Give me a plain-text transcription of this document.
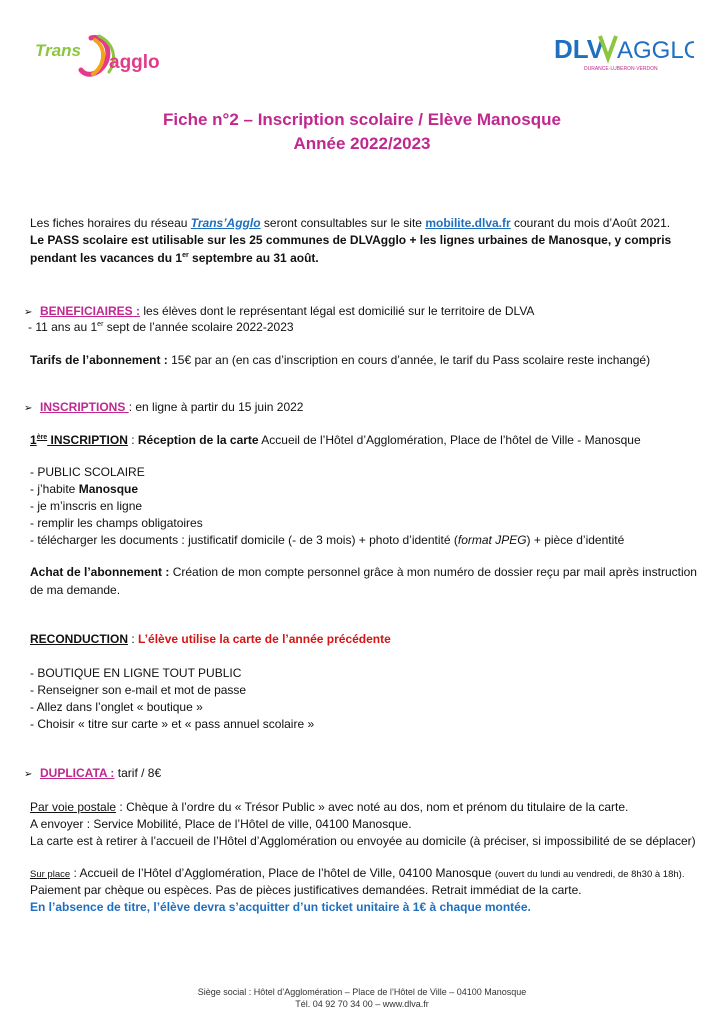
Trans
agglo	DLV AGGLO
DURANCE·LUBERON·VERDON
Fiche n°2 – Inscription scolaire / Elève Manosque
Année 2022/2023
Les fiches horaires du réseau Trans’Agglo seront consultables sur le site mobilite.dlva.fr courant du mois d’Août 2021.
Le PASS scolaire est utilisable sur les 25 communes de DLVAgglo + les lignes urbaines de Manosque, y compris
pendant les vacances du 1er septembre au 31 août.
➢ BENEFICIAIRES : les élèves dont le représentant légal est domicilié sur le territoire de DLVA
- 11 ans au 1er sept de l’année scolaire 2022-2023
Tarifs de l’abonnement : 15€ par an (en cas d’inscription en cours d’année, le tarif du Pass scolaire reste inchangé)
➢ INSCRIPTIONS : en ligne à partir du 15 juin 2022
1ère INSCRIPTION : Réception de la carte Accueil de l’Hôtel d’Agglomération, Place de l’hôtel de Ville - Manosque
- PUBLIC SCOLAIRE
- j’habite Manosque
- je m’inscris en ligne
- remplir les champs obligatoires
- télécharger les documents : justificatif domicile (- de 3 mois) + photo d’identité (format JPEG) + pièce d’identité
Achat de l’abonnement : Création de mon compte personnel grâce à mon numéro de dossier reçu par mail après instruction
de ma demande.
RECONDUCTION : L’élève utilise la carte de l’année précédente
- BOUTIQUE EN LIGNE TOUT PUBLIC
- Renseigner son e-mail et mot de passe
- Allez dans l’onglet « boutique »
- Choisir « titre sur carte » et « pass annuel scolaire »
➢ DUPLICATA : tarif / 8€
Par voie postale : Chèque à l’ordre du « Trésor Public » avec noté au dos, nom et prénom du titulaire de la carte.
A envoyer : Service Mobilité, Place de l’Hôtel de ville, 04100 Manosque.
La carte est à retirer à l’accueil de l’Hôtel d’Agglomération ou envoyée au domicile (à préciser, si impossibilité de se déplacer)
Sur place : Accueil de l’Hôtel d’Agglomération, Place de l’hôtel de Ville, 04100 Manosque (ouvert du lundi au vendredi, de 8h30 à 18h).
Paiement par chèque ou espèces. Pas de pièces justificatives demandées. Retrait immédiat de la carte.
En l’absence de titre, l’élève devra s’acquitter d’un ticket unitaire à 1€ à chaque montée.
Siège social : Hôtel d’Agglomération – Place de l’Hôtel de Ville – 04100 Manosque
Tél. 04 92 70 34 00 – www.dlva.fr
